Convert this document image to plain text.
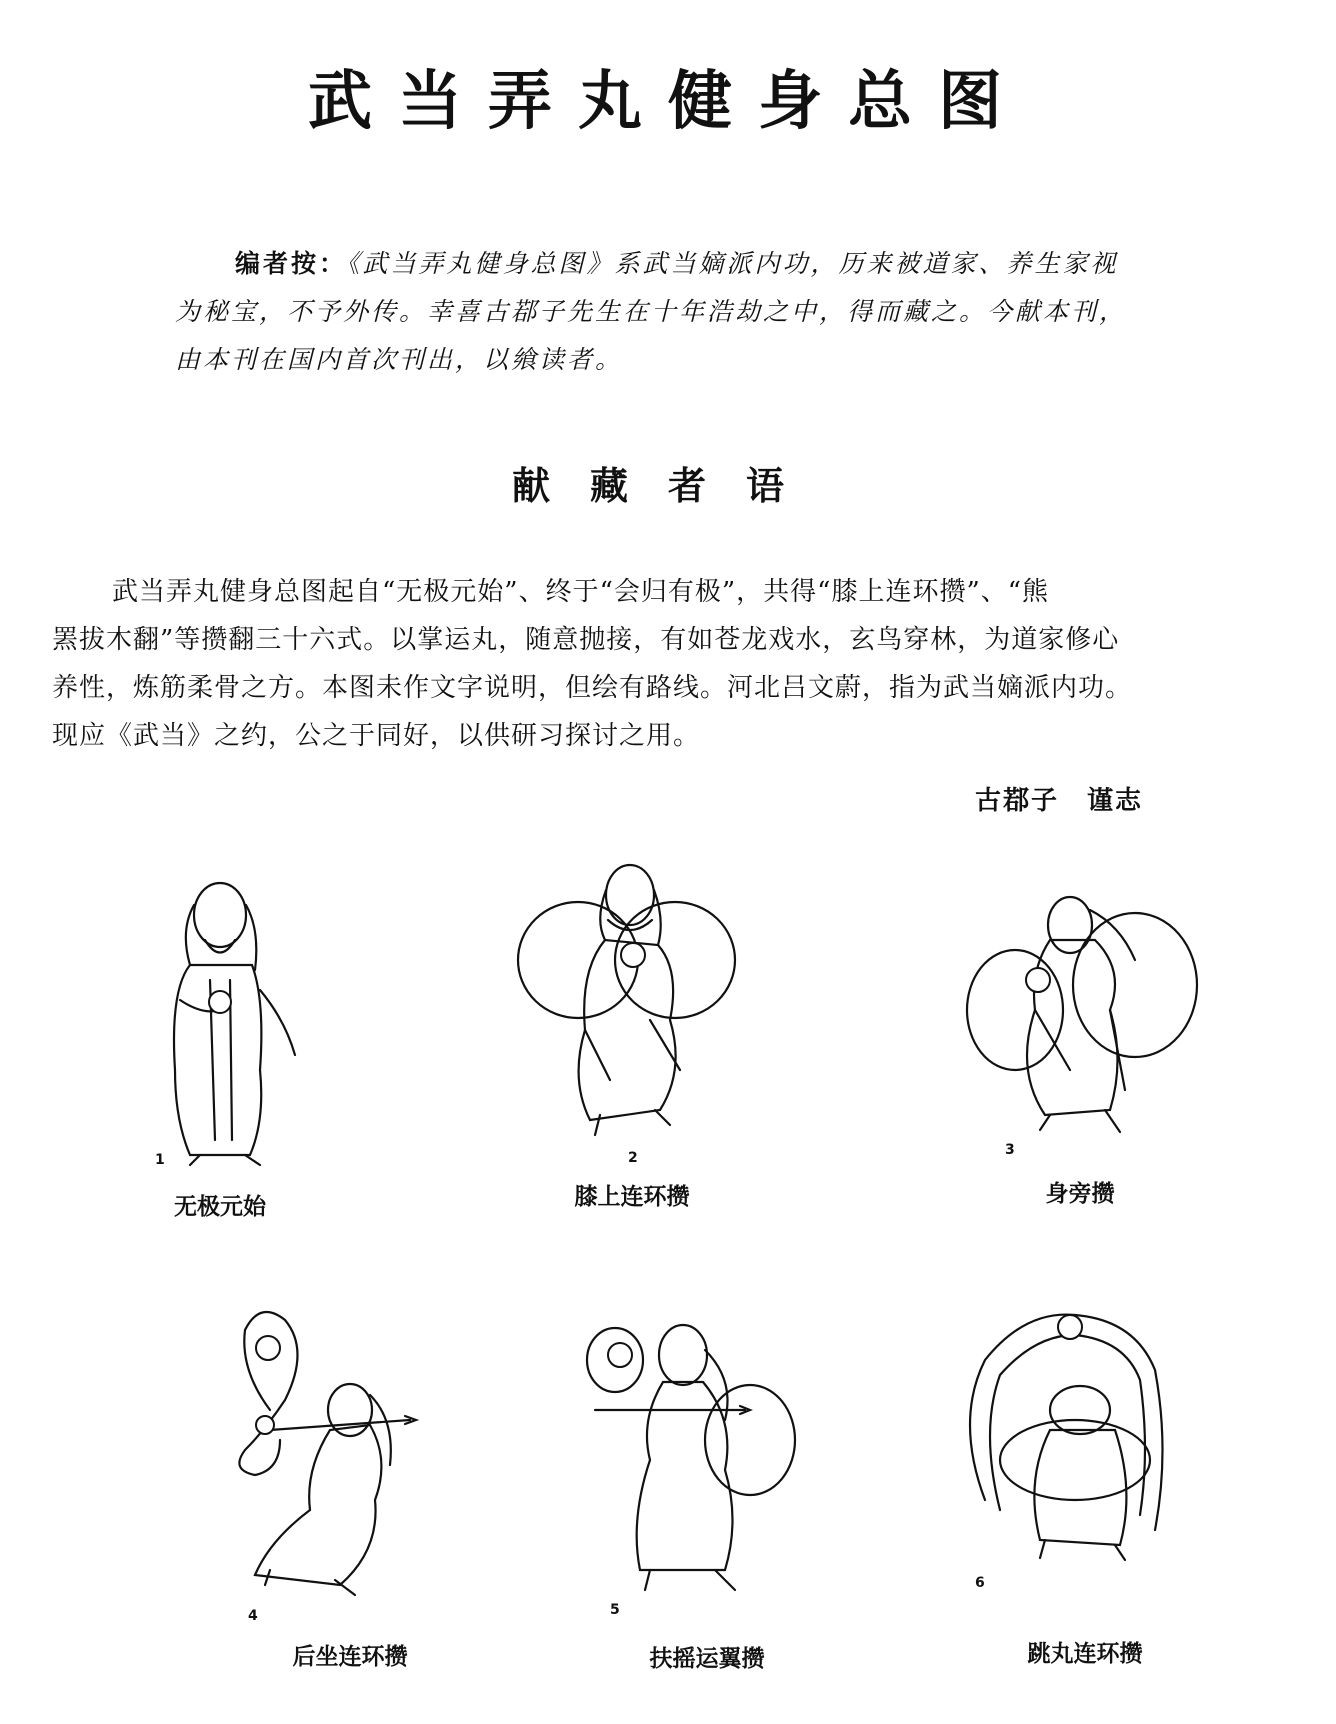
武当弄丸健身总图
编者按：《武当弄丸健身总图》系武当嫡派内功，历来被道家、养生家视
为秘宝，不予外传。幸喜古鄀子先生在十年浩劫之中，得而藏之。今献本刊，
由本刊在国内首次刊出，以飨读者。
献藏者语
武当弄丸健身总图起自“无极元始”、终于“会归有极”，共得“膝上连环攒”、“熊
罴拔木翻”等攒翻三十六式。以掌运丸，随意抛接，有如苍龙戏水，玄鸟穿林，为道家修心
养性，炼筋柔骨之方。本图未作文字说明，但绘有路线。河北吕文蔚，指为武当嫡派内功。
现应《武当》之约，公之于同好，以供研习探讨之用。
古鄀子　谨志
1
无极元始
2
膝上连环攒
3
身旁攒
4
后坐连环攒
5
扶摇运翼攒
6
跳丸连环攒
